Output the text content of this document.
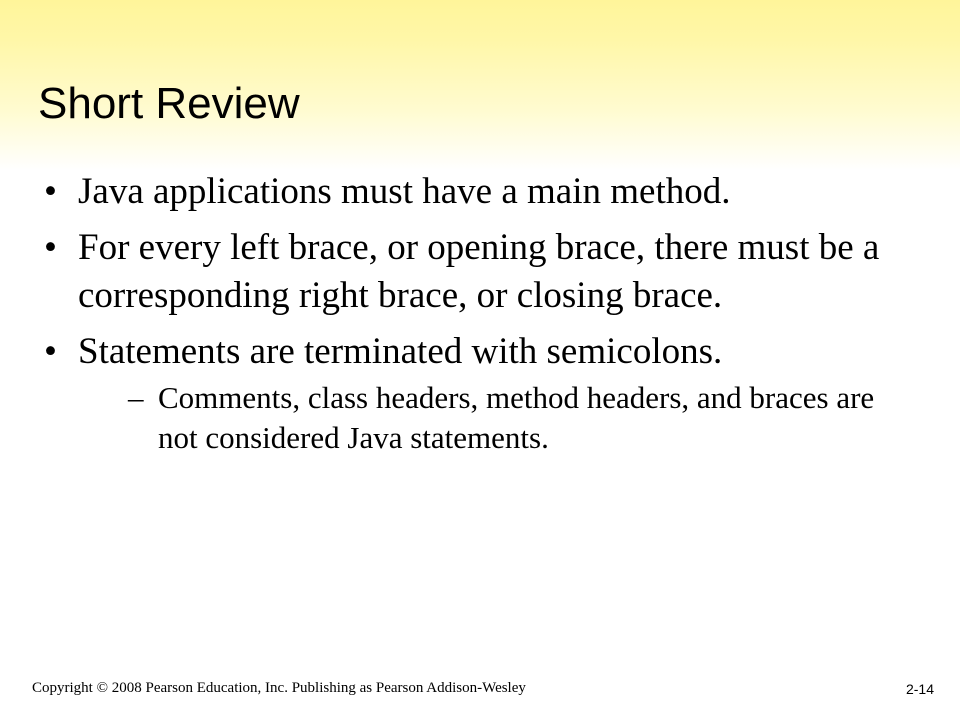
Short Review
• Java applications must have a main method.
• For every left brace, or opening brace, there must be a corresponding right brace, or closing brace.
• Statements are terminated with semicolons.
– Comments, class headers, method headers, and braces are not considered Java statements.
Copyright © 2008 Pearson Education, Inc. Publishing as Pearson Addison-Wesley	2-14
